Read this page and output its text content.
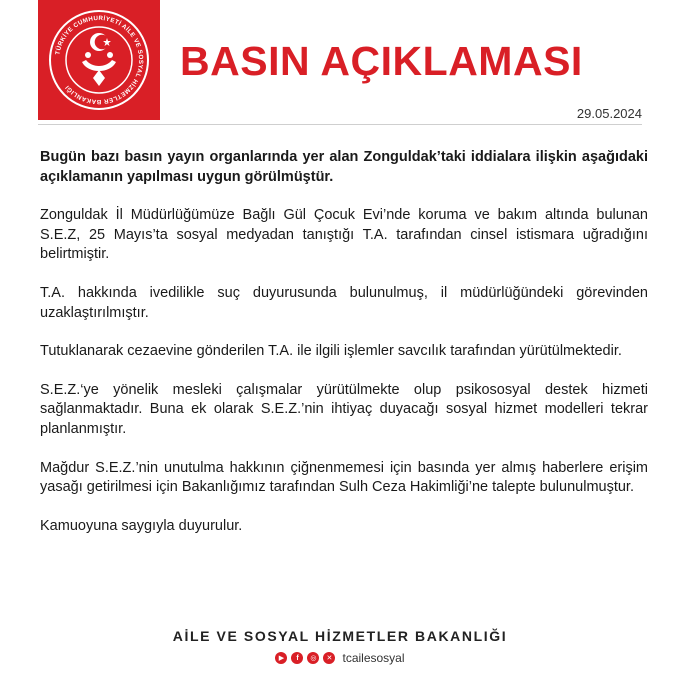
TÜRKİYE CUMHURİYETİ AİLE VE SOSYAL HİZMETLER BAKANLIĞI
BASIN AÇIKLAMASI
29.05.2024

Bugün bazı basın yayın organlarında yer alan Zonguldak’taki iddialara ilişkin aşağıdaki açıklamanın yapılması uygun görülmüştür.

Zonguldak İl Müdürlüğümüze Bağlı Gül Çocuk Evi’nde koruma ve bakım altında bulunan S.E.Z, 25 Mayıs’ta sosyal medyadan tanıştığı T.A. tarafından cinsel istismara uğradığını belirtmiştir.

T.A. hakkında ivedilikle suç duyurusunda bulunulmuş, il müdürlüğündeki görevinden uzaklaştırılmıştır.

Tutuklanarak cezaevine gönderilen T.A. ile ilgili işlemler savcılık tarafından yürütülmektedir.

S.E.Z.‘ye yönelik mesleki çalışmalar yürütülmekte olup psikososyal destek hizmeti sağlanmaktadır. Buna ek olarak S.E.Z.’nin ihtiyaç duyacağı sosyal hizmet modelleri tekrar planlanmıştır.

Mağdur S.E.Z.’nin unutulma hakkının çiğnenmemesi için basında yer almış haberlere erişim yasağı getirilmesi için Bakanlığımız tarafından Sulh Ceza Hakimliği’ne talepte bulunulmuştur.

Kamuoyuna saygıyla duyurulur.

AİLE VE SOSYAL HİZMETLER BAKANLIĞI
▶	f	◎	✕ tcailesosyal
